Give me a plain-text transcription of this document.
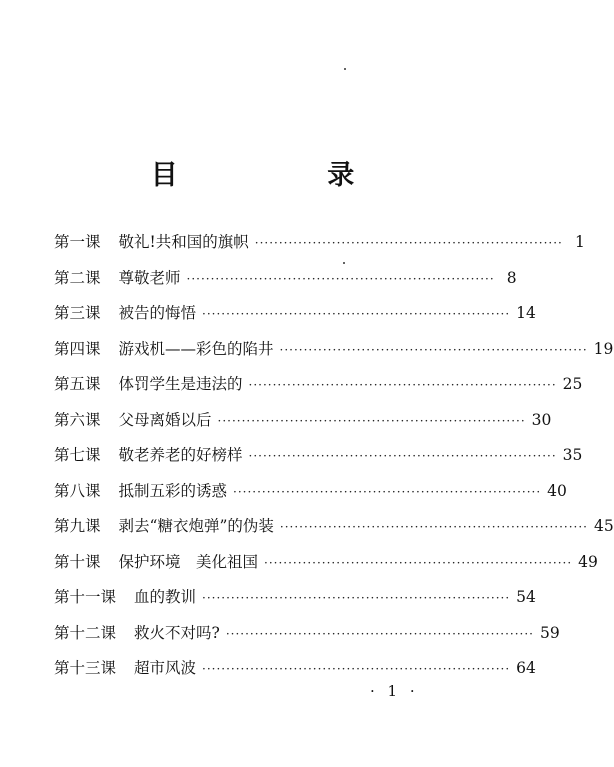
目 录
第一课 敬礼!共和国的旗帜 ································································ 1
第二课 尊敬老师 ································································ 8
第三课 被告的悔悟 ································································ 14
第四课 游戏机——彩色的陷井 ································································ 19
第五课 体罚学生是违法的 ································································ 25
第六课 父母离婚以后 ································································ 30
第七课 敬老养老的好榜样 ································································ 35
第八课 抵制五彩的诱惑 ································································ 40
第九课 剥去“糖衣炮弹”的伪装 ································································ 45
第十课 保护环境　美化祖国 ································································ 49
第十一课 血的教训 ································································ 54
第十二课 救火不对吗? ································································ 59
第十三课 超市风波 ································································ 64
· 1 ·
